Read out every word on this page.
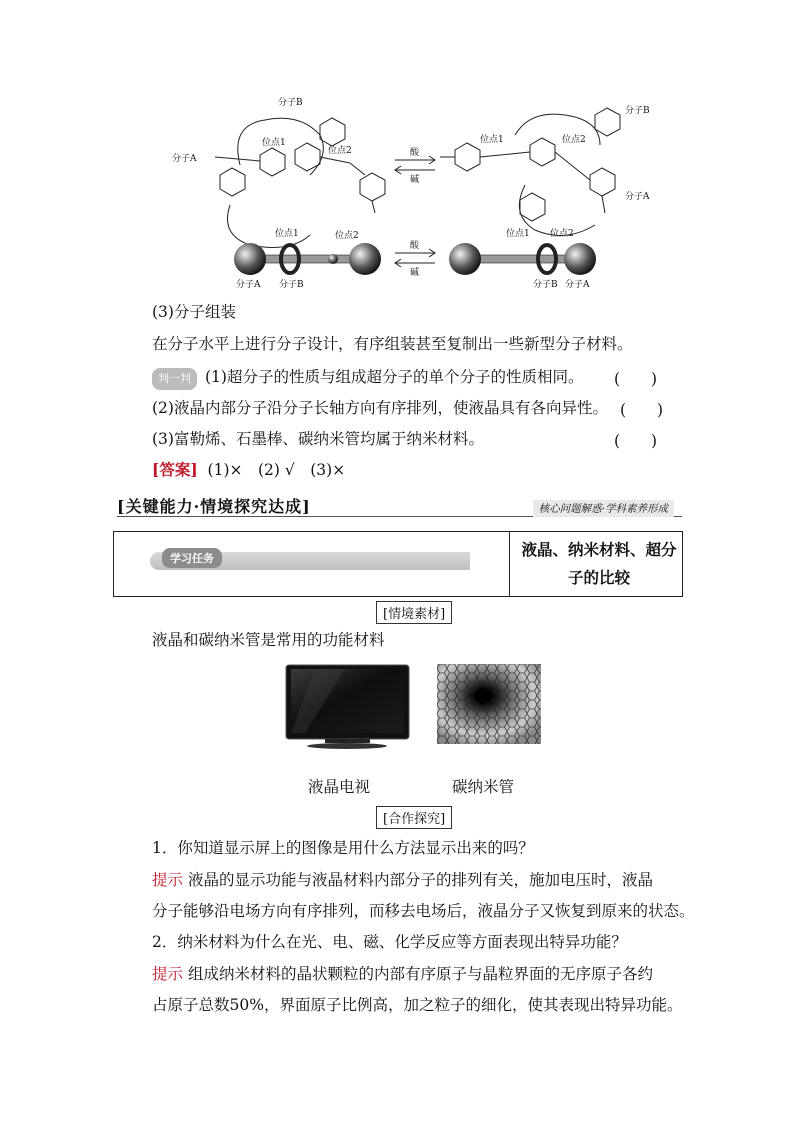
分子B
分子A
位点1
位点2
分子B
分子A
位点1	位点2
酸
碱
酸
碱
位点1	位点2
分子A 分子B
位点1 位点2
分子B 分子A
(3)分子组装
在分子水平上进行分子设计，有序组装甚至复制出一些新型分子材料。
判一判 (1)超分子的性质与组成超分子的单个分子的性质相同。 (　　)
(2)液晶内部分子沿分子长轴方向有序排列，使液晶具有各向异性。 (　　)
(3)富勒烯、石墨棒、碳纳米管均属于纳米材料。	(　　)
[答案] (1)×　(2) √　(3)×
[关键能力·情境探究达成]	核心问题解惑·学科素养形成
学习任务	液晶、纳米材料、超分
子的比较
[情境素材]
液晶和碳纳米管是常用的功能材料
液晶电视	碳纳米管
[合作探究]
1．你知道显示屏上的图像是用什么方法显示出来的吗？
提示 液晶的显示功能与液晶材料内部分子的排列有关，施加电压时，液晶
分子能够沿电场方向有序排列，而移去电场后，液晶分子又恢复到原来的状态。
2．纳米材料为什么在光、电、磁、化学反应等方面表现出特异功能？
提示 组成纳米材料的晶状颗粒的内部有序原子与晶粒界面的无序原子各约
占原子总数50%，界面原子比例高，加之粒子的细化，使其表现出特异功能。
